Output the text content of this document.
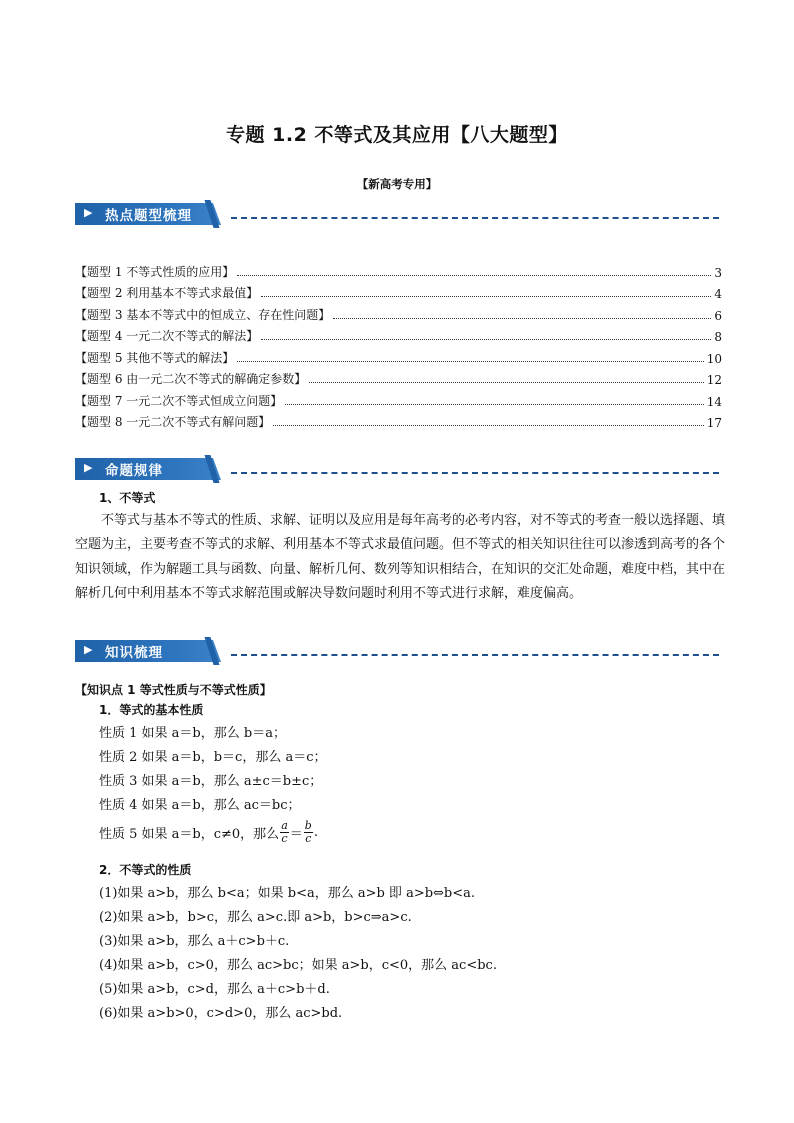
专题 1.2 不等式及其应用【八大题型】
【新高考专用】
▶ 热点题型梳理
【题型 1 不等式性质的应用】	3
【题型 2 利用基本不等式求最值】	4
【题型 3 基本不等式中的恒成立、存在性问题】	6
【题型 4 一元二次不等式的解法】	8
【题型 5 其他不等式的解法】	10
【题型 6 由一元二次不等式的解确定参数】	12
【题型 7 一元二次不等式恒成立问题】	14
【题型 8 一元二次不等式有解问题】	17
▶ 命题规律
1、不等式
不等式与基本不等式的性质、求解、证明以及应用是每年高考的必考内容，对不等式的考查一般以选择题、填空题为主，主要考查不等式的求解、利用基本不等式求最值问题。但不等式的相关知识往往可以渗透到高考的各个知识领域，作为解题工具与函数、向量、解析几何、数列等知识相结合，在知识的交汇处命题，难度中档，其中在解析几何中利用基本不等式求解范围或解决导数问题时利用不等式进行求解，难度偏高。
▶ 知识梳理
【知识点 1 等式性质与不等式性质】
1．等式的基本性质
性质 1 如果 a＝b，那么 b＝a；
性质 2 如果 a＝b，b＝c，那么 a＝c；
性质 3 如果 a＝b，那么 a±c＝b±c；
性质 4 如果 a＝b，那么 ac＝bc；
性质 5 如果 a＝b，c≠0，那么 $\frac{a}{c} = \frac{b}{c}$ .
2．不等式的性质
(1)如果 a>b，那么 b<a；如果 b<a，那么 a>b 即 a>b⇔b<a.
(2)如果 a>b，b>c，那么 a>c.即 a>b，b>c⇒a>c.
(3)如果 a>b，那么 a＋c>b＋c.
(4)如果 a>b，c>0，那么 ac>bc；如果 a>b，c<0，那么 ac<bc.
(5)如果 a>b，c>d，那么 a＋c>b＋d.
(6)如果 a>b>0，c>d>0，那么 ac>bd.
